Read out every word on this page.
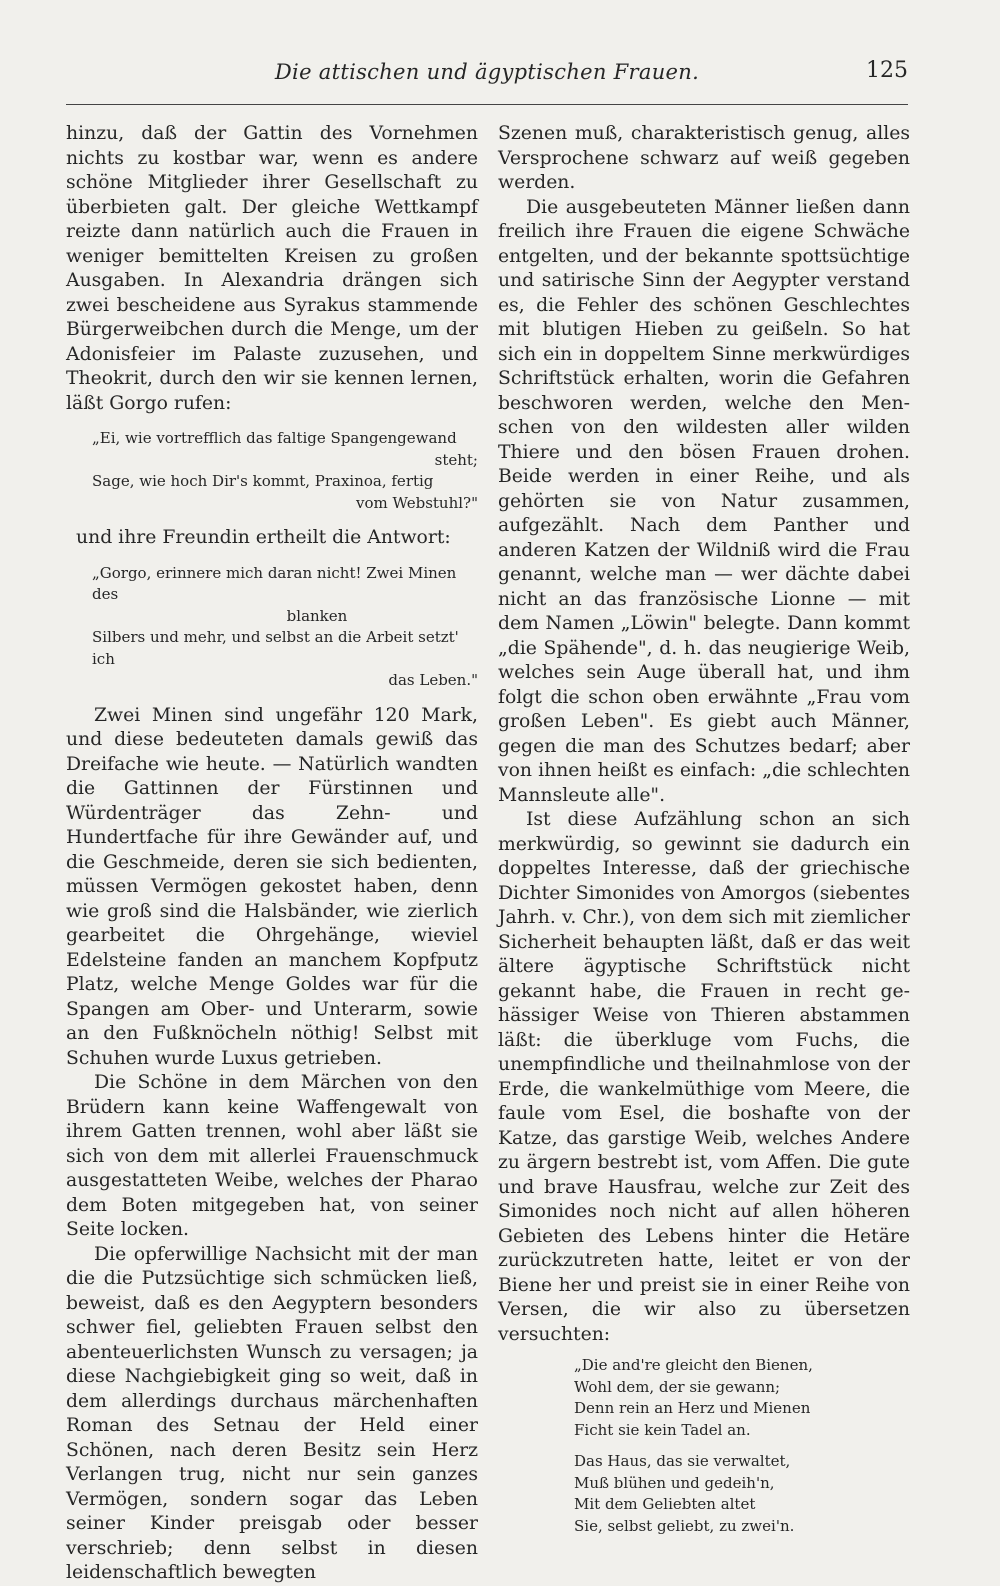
Die attischen und ägyptischen Frauen.	125

hinzu, daß der Gattin des Vornehmen nichts zu kostbar war, wenn es andere schöne Mitglieder ihrer Gesellschaft zu überbieten galt. Der gleiche Wettkampf reizte dann natürlich auch die Frauen in weniger bemittelten Kreisen zu großen Ausgaben. In Alexandria drängen sich zwei bescheidene aus Syrakus stammende Bürgerweibchen durch die Menge, um der Adonisfeier im Palaste zuzusehen, und Theokrit, durch den wir sie kennen lernen, läßt Gorgo rufen:

„Ei, wie vortrefflich das faltige Spangengewand
steht;
Sage, wie hoch Dir's kommt, Praxinoa, fertig
vom Webstuhl?"

und ihre Freundin ertheilt die Antwort:

„Gorgo, erinnere mich daran nicht! Zwei Minen des
blanken
Silbers und mehr, und selbst an die Arbeit setzt' ich
das Leben."

Zwei Minen sind ungefähr 120 Mark, und diese bedeuteten damals gewiß das Dreifache wie heute. — Natürlich wandten die Gattinnen der Fürstinnen und Würdenträger das Zehn- und Hundertfache für ihre Gewänder auf, und die Geschmeide, deren sie sich bedienten, müssen Vermögen gekostet haben, denn wie groß sind die Halsbänder, wie zierlich gearbeitet die Ohrgehänge, wieviel Edelsteine fanden an manchem Kopfputz Platz, welche Menge Goldes war für die Spangen am Ober- und Unterarm, sowie an den Fußknöcheln nöthig! Selbst mit Schuhen wurde Luxus getrieben.

Die Schöne in dem Märchen von den Brüdern kann keine Waffengewalt von ihrem Gatten trennen, wohl aber läßt sie sich von dem mit allerlei Frauenschmuck ausgestatteten Weibe, welches der Pharao dem Boten mitgegeben hat, von seiner Seite locken.

Die opferwillige Nachsicht mit der man die die Putzsüchtige sich schmücken ließ, beweist, daß es den Aegyptern besonders schwer fiel, geliebten Frauen selbst den abenteuerlichsten Wunsch zu versagen; ja diese Nachgiebigkeit ging so weit, daß in dem allerdings durchaus märchenhaften Roman des Setnau der Held einer Schönen, nach deren Besitz sein Herz Verlangen trug, nicht nur sein ganzes Vermögen, sondern sogar das Leben seiner Kinder preisgab oder besser verschrieb; denn selbst in diesen leidenschaftlich bewegten

Szenen muß, charakteristisch genug, alles Versprochene schwarz auf weiß gegeben werden.

Die ausgebeuteten Männer ließen dann freilich ihre Frauen die eigene Schwäche entgelten, und der bekannte spottsüchtige und satirische Sinn der Aegypter verstand es, die Fehler des schönen Geschlechtes mit blutigen Hieben zu geißeln. So hat sich ein in doppeltem Sinne merkwürdiges Schriftstück erhalten, worin die Gefahren beschworen werden, welche den Menschen von den wildesten aller wilden Thiere und den bösen Frauen drohen. Beide werden in einer Reihe, und als gehörten sie von Natur zusammen, aufgezählt. Nach dem Panther und anderen Katzen der Wildniß wird die Frau genannt, welche man — wer dächte dabei nicht an das französische Lionne — mit dem Namen „Löwin" belegte. Dann kommt „die Spähende", d. h. das neugierige Weib, welches sein Auge überall hat, und ihm folgt die schon oben erwähnte „Frau vom großen Leben". Es giebt auch Männer, gegen die man des Schutzes bedarf; aber von ihnen heißt es einfach: „die schlechten Mannsleute alle".

Ist diese Aufzählung schon an sich merkwürdig, so gewinnt sie dadurch ein doppeltes Interesse, daß der griechische Dichter Simonides von Amorgos (siebentes Jahrh. v. Chr.), von dem sich mit ziemlicher Sicherheit behaupten läßt, daß er das weit ältere ägyptische Schriftstück nicht gekannt habe, die Frauen in recht gehässiger Weise von Thieren abstammen läßt: die überkluge vom Fuchs, die unempfindliche und theilnahmlose von der Erde, die wankelmüthige vom Meere, die faule vom Esel, die boshafte von der Katze, das garstige Weib, welches Andere zu ärgern bestrebt ist, vom Affen. Die gute und brave Hausfrau, welche zur Zeit des Simonides noch nicht auf allen höheren Gebieten des Lebens hinter die Hetäre zurückzutreten hatte, leitet er von der Biene her und preist sie in einer Reihe von Versen, die wir also zu übersetzen versuchten:

„Die and're gleicht den Bienen,
Wohl dem, der sie gewann;
Denn rein an Herz und Mienen
Ficht sie kein Tadel an.
Das Haus, das sie verwaltet,
Muß blühen und gedeih'n,
Mit dem Geliebten altet
Sie, selbst geliebt, zu zwei'n.
